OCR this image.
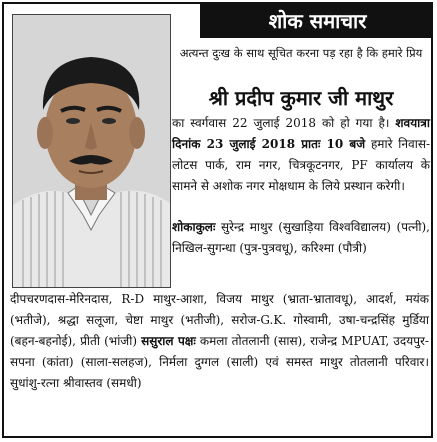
शोक समाचार
अत्यन्त दुःख के साथ सूचित करना पड़ रहा है कि हमारे प्रिय
श्री प्रदीप कुमार जी माथुर
का स्वर्गवास 22 जुलाई 2018 को हो गया है। शवयात्रा दिनांक 23 जुलाई 2018 प्रातः 10 बजे हमारे निवास-लोटस पार्क, राम नगर, चित्रकूटनगर, PF कार्यालय के सामने से अशोक नगर मोक्षधाम के लिये प्रस्थान करेगी।
शोकाकुलः सुरेन्द्र माथुर (सुखाड़िया विश्वविद्यालय) (पत्नी), निखिल-सुगन्धा (पुत्र-पुत्रवधू), करिश्मा (पौत्री)
दीपचरणदास-मेरिनदास, R-D माथुर-आशा, विजय माथुर (भ्राता-भ्रातावधू), आदर्श, मयंक (भतीजे), श्रद्धा सलूजा, चेष्टा माथुर (भतीजी), सरोज-G.K. गोस्वामी, उषा-चन्द्रसिंह मुर्डिया (बहन-बहनोई), प्रीती (भांजी) ससुराल पक्षः कमला तोतलानी (सास), राजेन्द्र MPUAT, उदयपुर-सपना (कांता) (साला-सलहज), निर्मला दुग्गल (साली) एवं समस्त माथुर तोतलानी परिवार। सुधांशु-रत्ना श्रीवास्तव (समधी)
